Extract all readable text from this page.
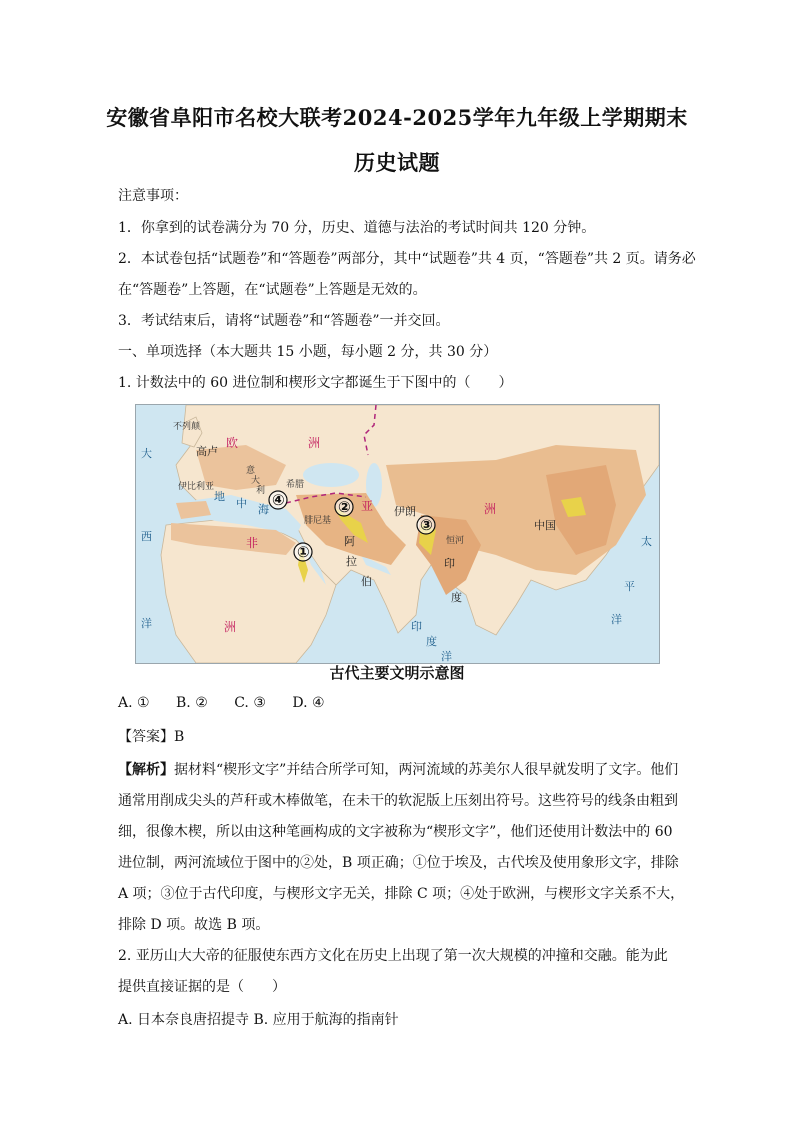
安徽省阜阳市名校大联考2024-2025学年九年级上学期期末
历史试题
注意事项：
1．你拿到的试卷满分为 70 分，历史、道德与法治的考试时间共 120 分钟。
2．本试卷包括“试题卷”和“答题卷”两部分，其中“试题卷”共 4 页，“答题卷”共 2 页。请务必
在“答题卷”上答题，在“试题卷”上答题是无效的。
3．考试结束后，请将“试题卷”和“答题卷”一并交回。
一、单项选择（本大题共 15 小题，每小题 2 分，共 30 分）
1. 计数法中的 60 进位制和楔形文字都诞生于下图中的（　　）
不列颠
高卢
欧	洲
伊比利亚
地
中 海
意
大
利
希腊
腓尼基
非
亚	洲
伊朗
阿
拉
伯
印
度
中国
恒河
大
西
洋
太
平
洋
印
度
洋
洲
①
②
③
④
古代主要文明示意图
A. ① B. ② C. ③ D. ④
【答案】B
【解析】据材料“楔形文字”并结合所学可知，两河流域的苏美尔人很早就发明了文字。他们
通常用削成尖头的芦秆或木棒做笔，在未干的软泥版上压刻出符号。这些符号的线条由粗到
细，很像木楔，所以由这种笔画构成的文字被称为“楔形文字”，他们还使用计数法中的 60
进位制，两河流域位于图中的②处，B 项正确；①位于埃及，古代埃及使用象形文字，排除
A 项；③位于古代印度，与楔形文字无关，排除 C 项；④处于欧洲，与楔形文字关系不大，
排除 D 项。故选 B 项。
2. 亚历山大大帝的征服使东西方文化在历史上出现了第一次大规模的冲撞和交融。能为此
提供直接证据的是（　　）
A. 日本奈良唐招提寺 B. 应用于航海的指南针
